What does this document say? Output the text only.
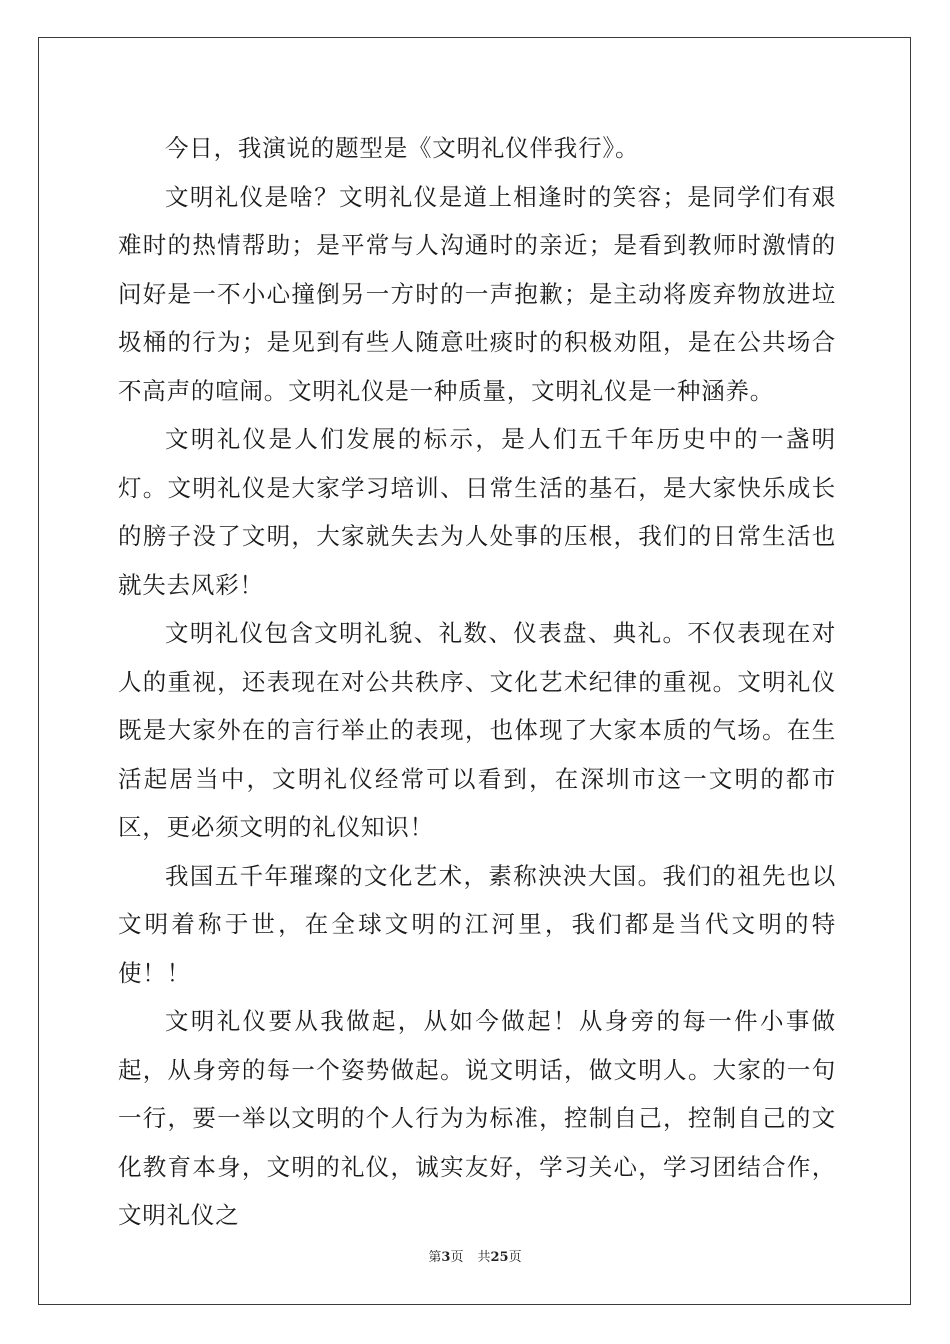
今日，我演说的题型是《文明礼仪伴我行》。

文明礼仪是啥？文明礼仪是道上相逢时的笑容；是同学们有艰难时的热情帮助；是平常与人沟通时的亲近；是看到教师时激情的问好是一不小心撞倒另一方时的一声抱歉；是主动将废弃物放进垃圾桶的行为；是见到有些人随意吐痰时的积极劝阻，是在公共场合不高声的喧闹。文明礼仪是一种质量，文明礼仪是一种涵养。

文明礼仪是人们发展的标示，是人们五千年历史中的一盏明灯。文明礼仪是大家学习培训、日常生活的基石，是大家快乐成长的膀子没了文明，大家就失去为人处事的压根，我们的日常生活也就失去风彩！

文明礼仪包含文明礼貌、礼数、仪表盘、典礼。不仅表现在对人的重视，还表现在对公共秩序、文化艺术纪律的重视。文明礼仪既是大家外在的言行举止的表现，也体现了大家本质的气场。在生活起居当中，文明礼仪经常可以看到，在深圳市这一文明的都市区，更必须文明的礼仪知识！

我国五千年璀璨的文化艺术，素称泱泱大国。我们的祖先也以文明着称于世，在全球文明的江河里，我们都是当代文明的特使！！

文明礼仪要从我做起，从如今做起！从身旁的每一件小事做起，从身旁的每一个姿势做起。说文明话，做文明人。大家的一句一行，要一举以文明的个人行为为标准，控制自己，控制自己的文化教育本身，文明的礼仪，诚实友好，学习关心，学习团结合作，文明礼仪之

第3页 共25页
